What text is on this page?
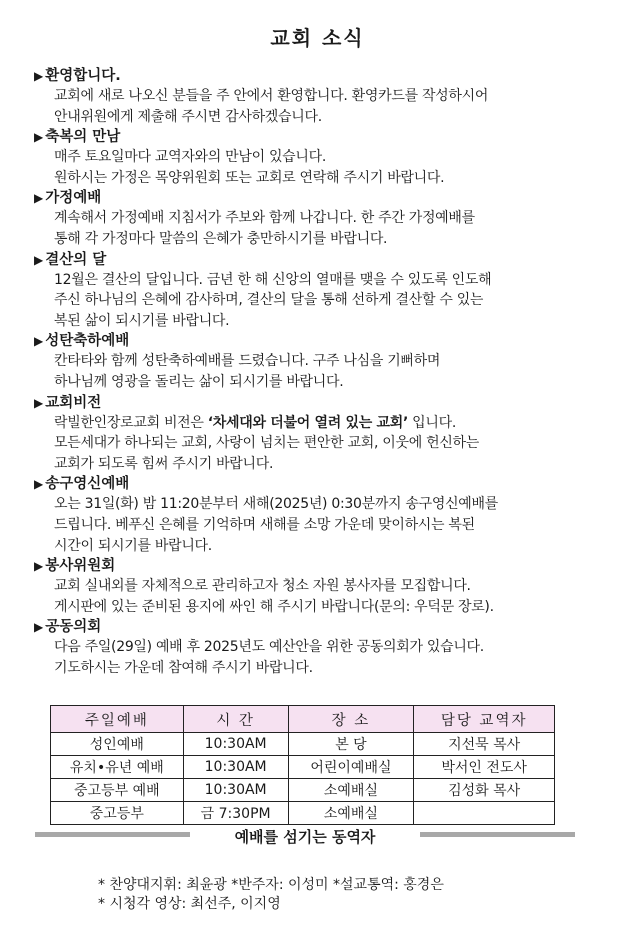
교회 소식
▶ 환영합니다.
교회에 새로 나오신 분들을 주 안에서 환영합니다. 환영카드를 작성하시어
안내위원에게 제출해 주시면 감사하겠습니다.
▶ 축복의 만남
매주 토요일마다 교역자와의 만남이 있습니다.
원하시는 가정은 목양위원회 또는 교회로 연락해 주시기 바랍니다.
▶ 가정예배
계속해서 가정예배 지침서가 주보와 함께 나갑니다. 한 주간 가정예배를
통해 각 가정마다 말씀의 은혜가 충만하시기를 바랍니다.
▶ 결산의 달
12월은 결산의 달입니다. 금년 한 해 신앙의 열매를 맺을 수 있도록 인도해
주신 하나님의 은혜에 감사하며, 결산의 달을 통해 선하게 결산할 수 있는
복된 삶이 되시기를 바랍니다.
▶ 성탄축하예배
칸타타와 함께 성탄축하예배를 드렸습니다. 구주 나심을 기뻐하며
하나님께 영광을 돌리는 삶이 되시기를 바랍니다.
▶ 교회비전
락빌한인장로교회 비전은 ‘차세대와 더불어 열려 있는 교회’ 입니다.
모든세대가 하나되는 교회, 사랑이 넘치는 편안한 교회, 이웃에 헌신하는
교회가 되도록 힘써 주시기 바랍니다.
▶ 송구영신예배
오는 31일(화) 밤 11:20분부터 새해(2025년) 0:30분까지 송구영신예배를
드립니다. 베푸신 은혜를 기억하며 새해를 소망 가운데 맞이하시는 복된
시간이 되시기를 바랍니다.
▶ 봉사위원회
교회 실내외를 자체적으로 관리하고자 청소 자원 봉사자를 모집합니다.
게시판에 있는 준비된 용지에 싸인 해 주시기 바랍니다(문의: 우덕문 장로).
▶ 공동의회
다음 주일(29일) 예배 후 2025년도 예산안을 위한 공동의회가 있습니다.
기도하시는 가운데 참여해 주시기 바랍니다.
주일예배	시 간	장 소	담당 교역자
성인예배	10:30AM	본 당	지선묵 목사
유치•유년 예배	10:30AM	어린이예배실	박서인 전도사
중고등부 예배	10:30AM	소예배실	김성화 목사
중고등부	금 7:30PM	소예배실	
예배를 섬기는 동역자
* 찬양대지휘: 최윤광 *반주자: 이성미 *설교통역: 홍경은
* 시청각 영상: 최선주, 이지영
